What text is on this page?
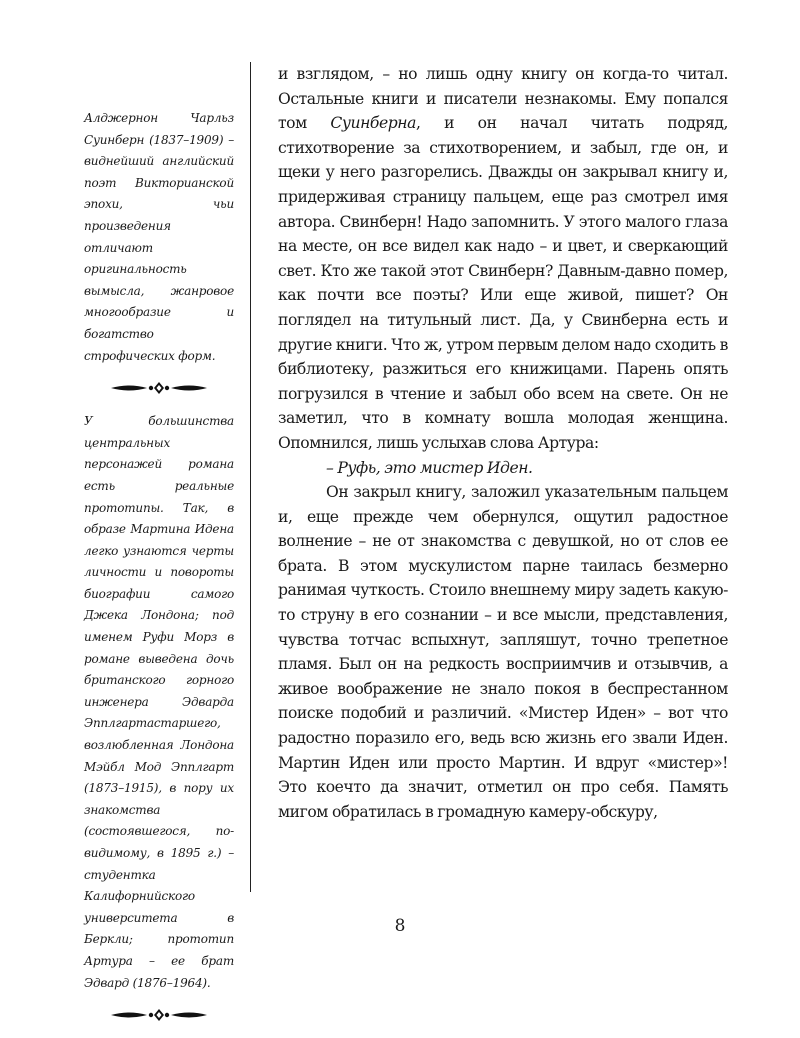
Алджернон Чарльз Суинберн (1837–1909) – виднейший английский поэт Викторианской эпохи, чьи произведения отличают оригинальность вымысла, жанровое многообразие и богатство строфических форм.

У большинства центральных персонажей романа есть реальные прототипы. Так, в образе Мартина Идена легко узнаются черты личности и повороты биографии самого Джека Лондона; под именем Руфи Морз в романе выведена дочь британского горного инженера Эдварда Эпплгартастаршего, возлюбленная Лондона Мэйбл Мод Эпплгарт (1873–1915), в пору их знакомства (состоявшегося, по-видимому, в 1895 г.) – студентка Калифорнийского университета в Беркли; прототип Артура – ее брат Эдвард (1876–1964).

и взглядом, – но лишь одну книгу он когда-то читал. Остальные книги и писатели незнакомы. Ему попался том Суинберна, и он начал читать подряд, стихотворение за стихотворением, и забыл, где он, и щеки у него разгорелись. Дважды он закрывал книгу и, придерживая страницу пальцем, еще раз смотрел имя автора. Свинберн! Надо запомнить. У этого малого глаза на месте, он все видел как надо – и цвет, и сверкающий свет. Кто же такой этот Свинберн? Давным-давно помер, как почти все поэты? Или еще живой, пишет? Он поглядел на титульный лист. Да, у Свинберна есть и другие книги. Что ж, утром первым делом надо сходить в библиотеку, разжиться его книжицами. Парень опять погрузился в чтение и забыл обо всем на свете. Он не заметил, что в комнату вошла молодая женщина. Опомнился, лишь услыхав слова Артура:

– Руфь, это мистер Иден.

Он закрыл книгу, заложил указательным пальцем и, еще прежде чем обернулся, ощутил радостное волнение – не от знакомства с девушкой, но от слов ее брата. В этом мускулистом парне таилась безмерно ранимая чуткость. Стоило внешнему миру задеть какую-то струну в его сознании – и все мысли, представления, чувства тотчас вспыхнут, запляшут, точно трепетное пламя. Был он на редкость восприимчив и отзывчив, а живое воображение не знало покоя в беспрестанном поиске подобий и различий. «Мистер Иден» – вот что радостно поразило его, ведь всю жизнь его звали Иден. Мартин Иден или просто Мартин. И вдруг «мистер»! Это коечто да значит, отметил он про себя. Память мигом обратилась в громадную камеру-обскуру,

8
